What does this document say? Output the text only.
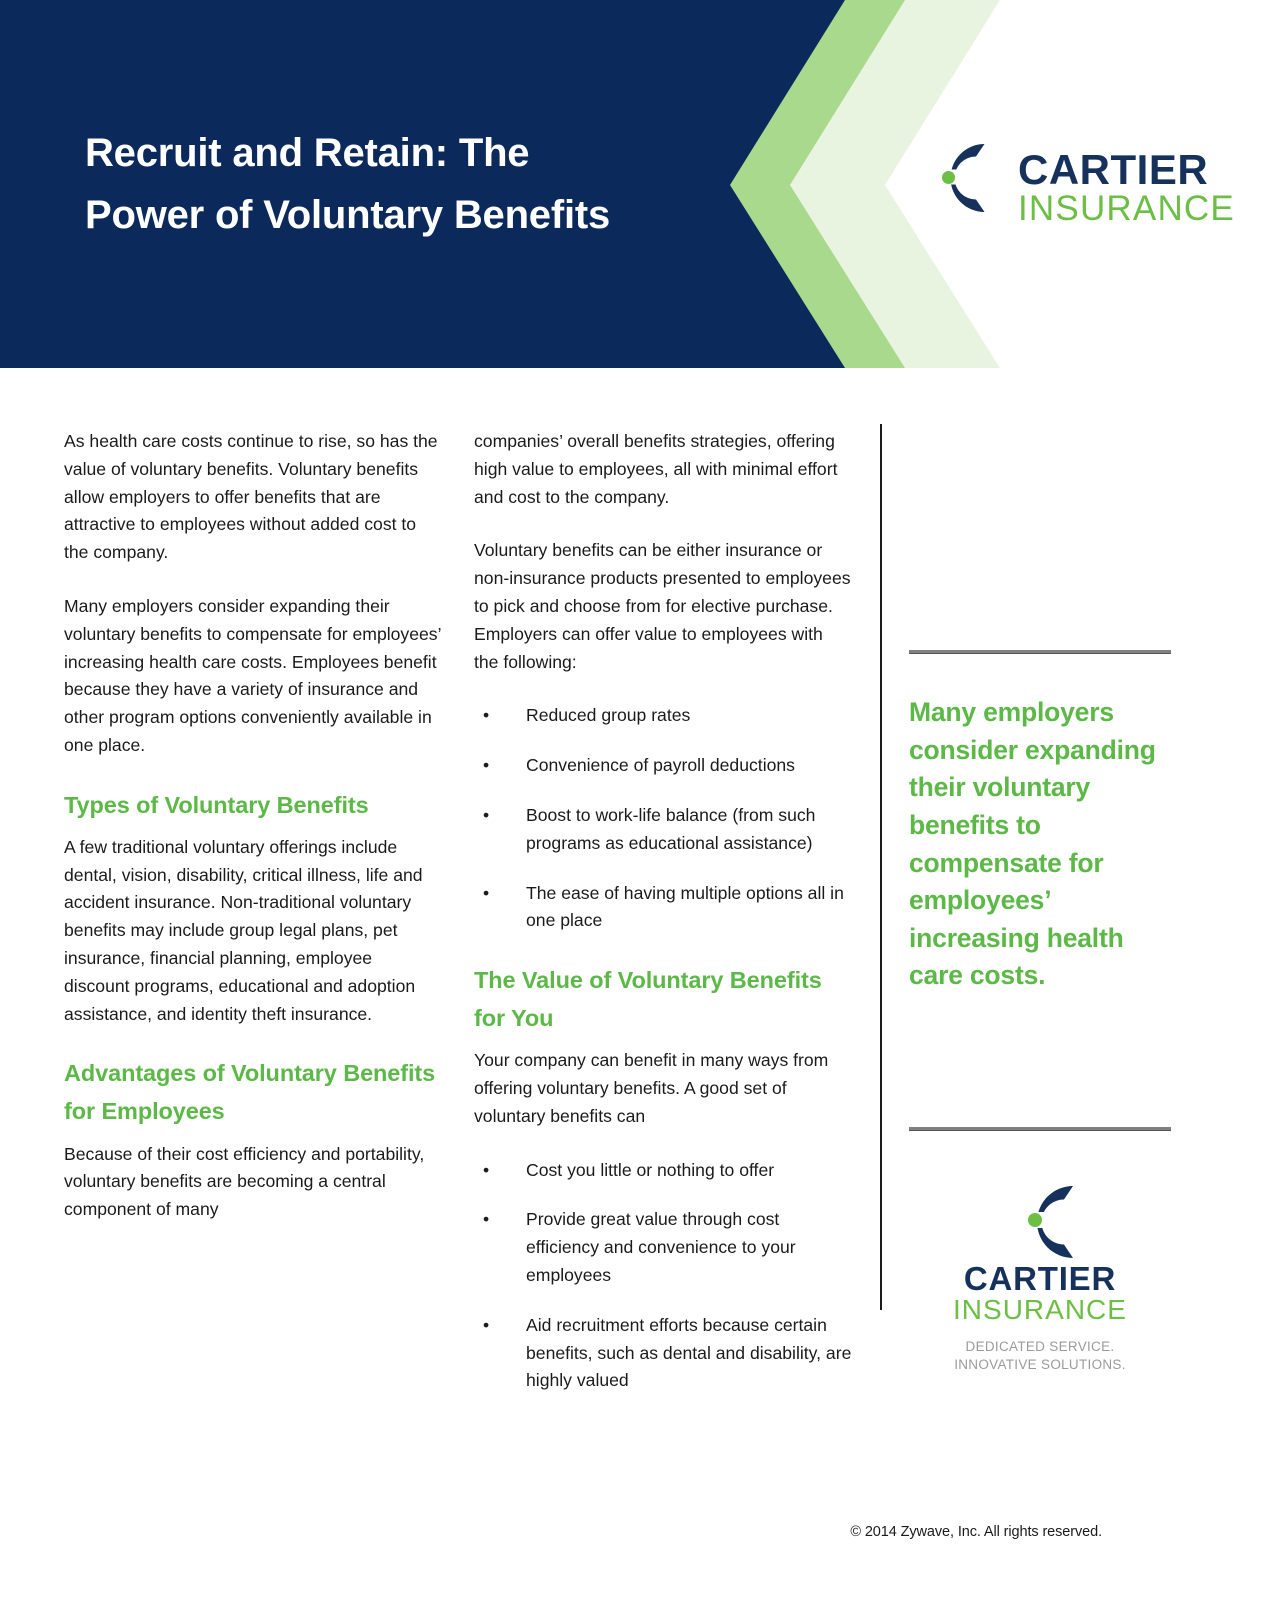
Recruit and Retain: The
Power of Voluntary Benefits
CARTIER
INSURANCE

As health care costs continue to rise, so has the value of voluntary benefits. Voluntary benefits allow employers to offer benefits that are attractive to employees without added cost to the company.

Many employers consider expanding their voluntary benefits to compensate for employees’ increasing health care costs. Employees benefit because they have a variety of insurance and other program options conveniently available in one place.

Types of Voluntary Benefits

A few traditional voluntary offerings include dental, vision, disability, critical illness, life and accident insurance. Non-traditional voluntary benefits may include group legal plans, pet insurance, financial planning, employee discount programs, educational and adoption assistance, and identity theft insurance.

Advantages of Voluntary Benefits for Employees

Because of their cost efficiency and portability, voluntary benefits are becoming a central component of many

companies’ overall benefits strategies, offering high value to employees, all with minimal effort and cost to the company.

Voluntary benefits can be either insurance or non-insurance products presented to employees to pick and choose from for elective purchase. Employers can offer value to employees with the following:

• Reduced group rates
• Convenience of payroll deductions
• Boost to work-life balance (from such programs as educational assistance)
• The ease of having multiple options all in one place
The Value of Voluntary Benefits for You

Your company can benefit in many ways from offering voluntary benefits. A good set of voluntary benefits can

• Cost you little or nothing to offer
• Provide great value through cost efficiency and convenience to your employees
• Aid recruitment efforts because certain benefits, such as dental and disability, are highly valued
Many employers consider expanding their voluntary benefits to compensate for employees’ increasing health care costs.
CARTIER
INSURANCE
DEDICATED SERVICE.
INNOVATIVE SOLUTIONS.
© 2014 Zywave, Inc. All rights reserved.
